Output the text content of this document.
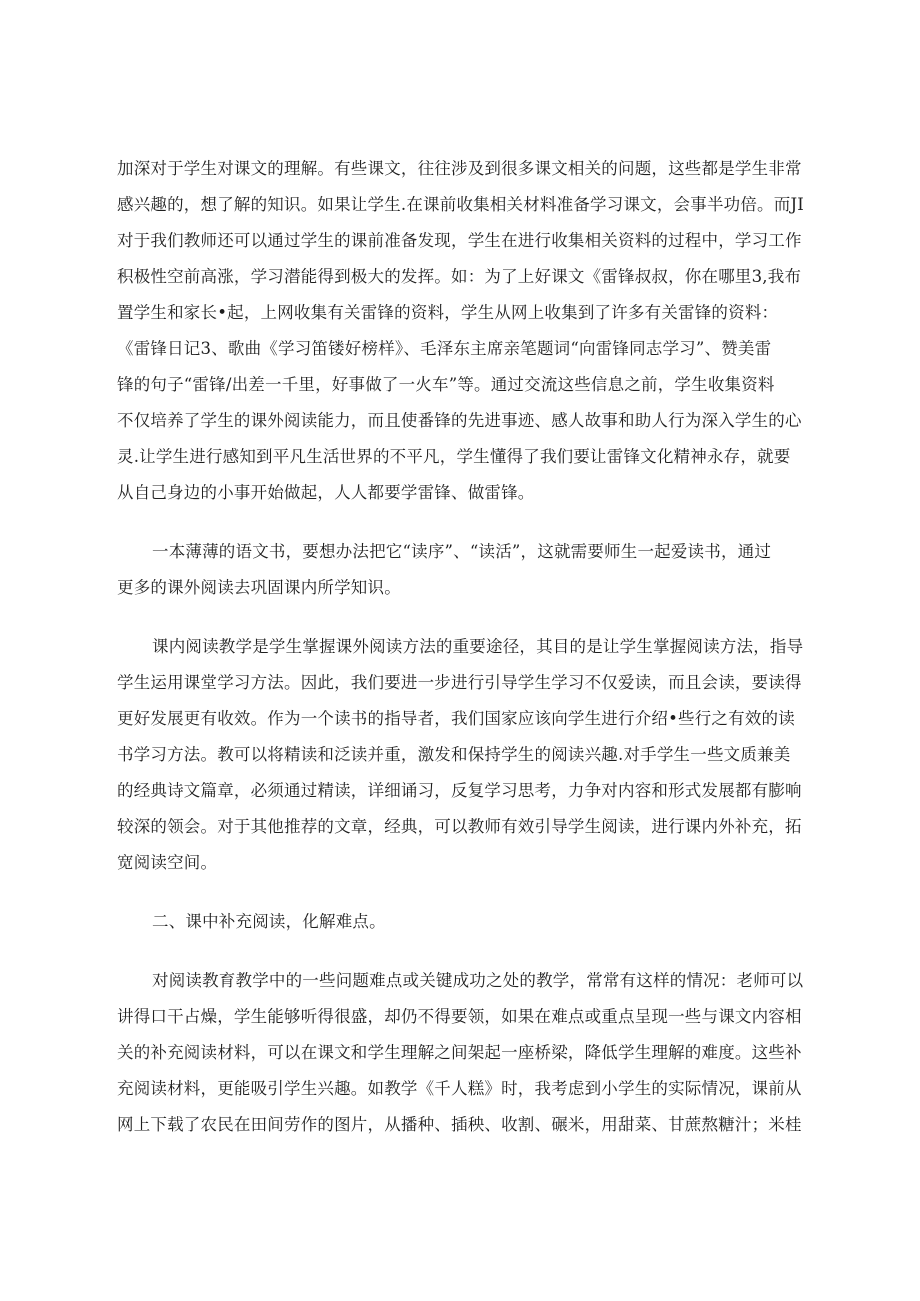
加深对于学生对课文的理解。有些课文，往往涉及到很多课文相关的问题，这些都是学生非常

感兴趣的，想了解的知识。如果让学生.在课前收集相关材料准备学习课文，会事半功倍。而JI

对于我们教师还可以通过学生的课前准备发现，学生在进行收集相关资料的过程中，学习工作

积极性空前高涨，学习潜能得到极大的发挥。如：为了上好课文《雷锋叔叔，你在哪里3,我布

置学生和家长•起，上网收集有关雷锋的资料，学生从网上收集到了许多有关雷锋的资料：

《雷锋日记3、歌曲《学习笛镂好榜样》、毛泽东主席亲笔题词“向雷锋同志学习”、赞美雷

锋的句子“雷锋/出差一千里，好事做了一火车”等。通过交流这些信息之前，学生收集资料

不仅培养了学生的课外阅读能力，而且使番锋的先进事迹、感人故事和助人行为深入学生的心

灵.让学生进行感知到平凡生活世界的不平凡，学生懂得了我们要让雷锋文化精神永存，就要

从自己身边的小事开始做起，人人都要学雷锋、做雷锋。

一本薄薄的语文书，要想办法把它“读序”、“读活”，这就需要师生一起爱读书，通过

更多的课外阅读去巩固课内所学知识。

课内阅读教学是学生掌握课外阅读方法的重要途径，其目的是让学生掌握阅读方法，指导

学生运用课堂学习方法。因此，我们要进一步进行引导学生学习不仅爱读，而且会读，要读得

更好发展更有收效。作为一个读书的指导者，我们国家应该向学生进行介绍•些行之有效的读

书学习方法。教可以将精读和泛读并重，激发和保持学生的阅读兴趣.对手学生一些文质兼美

的经典诗文篇章，必须通过精读，详细诵习，反复学习思考，力争对内容和形式发展都有膨响

较深的领会。对于其他推荐的文章，经典，可以教师有效引导学生阅读，进行课内外补充，拓

宽阅读空间。

二、课中补充阅读，化解难点。

对阅读教育教学中的一些问题难点或关键成功之处的教学，常常有这样的情况：老师可以

讲得口干占燥，学生能够听得很盛，却仍不得要领，如果在难点或重点呈现一些与课文内容相

关的补充阅读材料，可以在课文和学生理解之间架起一座桥梁，降低学生理解的难度。这些补

充阅读材料，更能吸引学生兴趣。如教学《千人糕》时，我考虑到小学生的实际情况，课前从

网上下载了农民在田间劳作的图片，从播种、插秧、收割、碾米，用甜菜、甘蔗熬糖汁；米桂
